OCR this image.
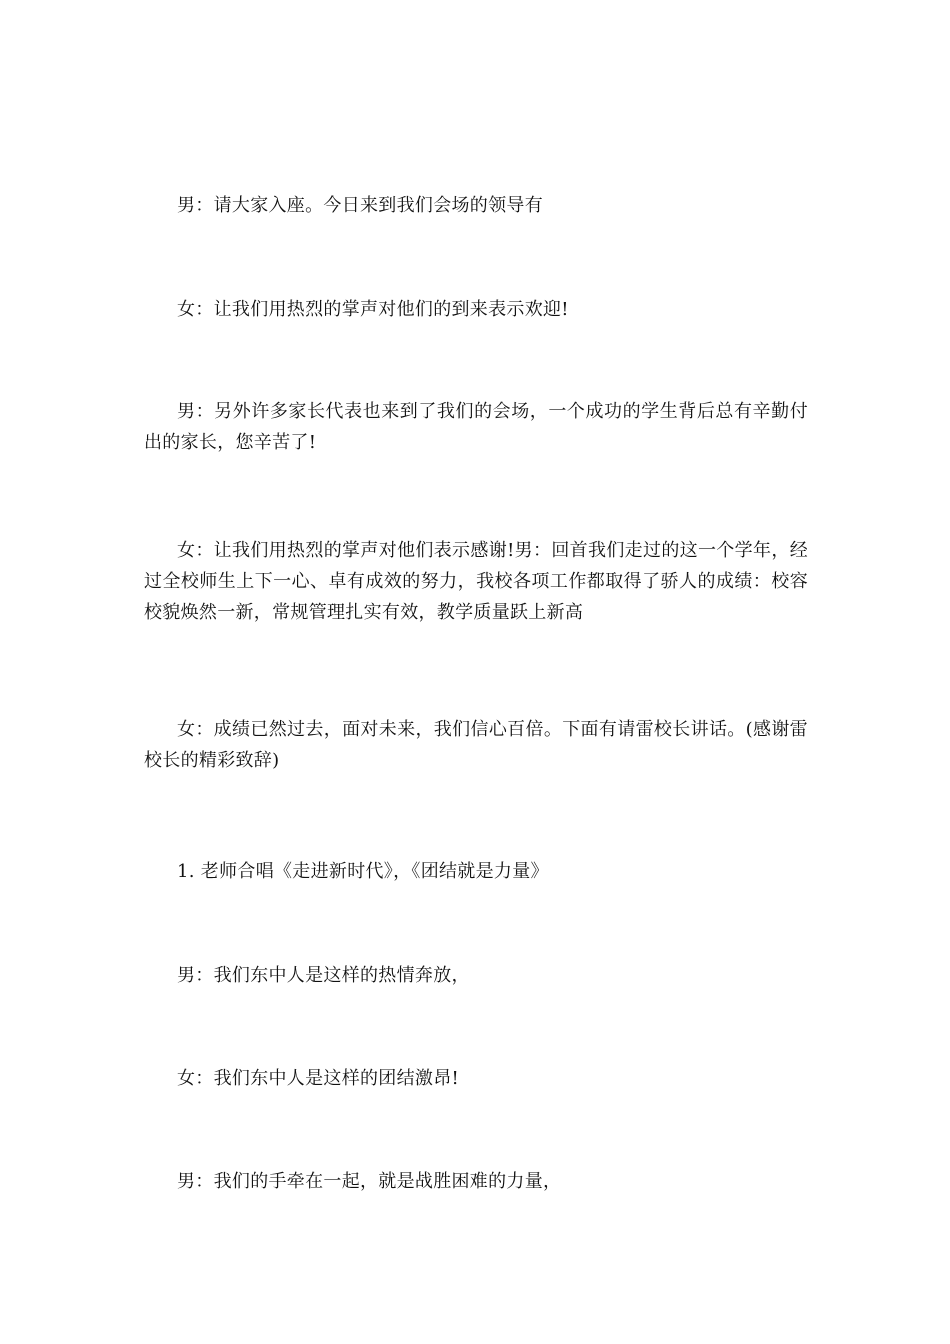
男：请大家入座。今日来到我们会场的领导有

女：让我们用热烈的掌声对他们的到来表示欢迎!

男：另外许多家长代表也来到了我们的会场，一个成功的学生背后总有辛勤付出的家长，您辛苦了!

女：让我们用热烈的掌声对他们表示感谢!男：回首我们走过的这一个学年，经过全校师生上下一心、卓有成效的努力，我校各项工作都取得了骄人的成绩：校容校貌焕然一新，常规管理扎实有效，教学质量跃上新高

女：成绩已然过去，面对未来，我们信心百倍。下面有请雷校长讲话。(感谢雷校长的精彩致辞)

1. 老师合唱《走进新时代》，《团结就是力量》

男：我们东中人是这样的热情奔放，

女：我们东中人是这样的团结激昂!

男：我们的手牵在一起，就是战胜困难的力量，
